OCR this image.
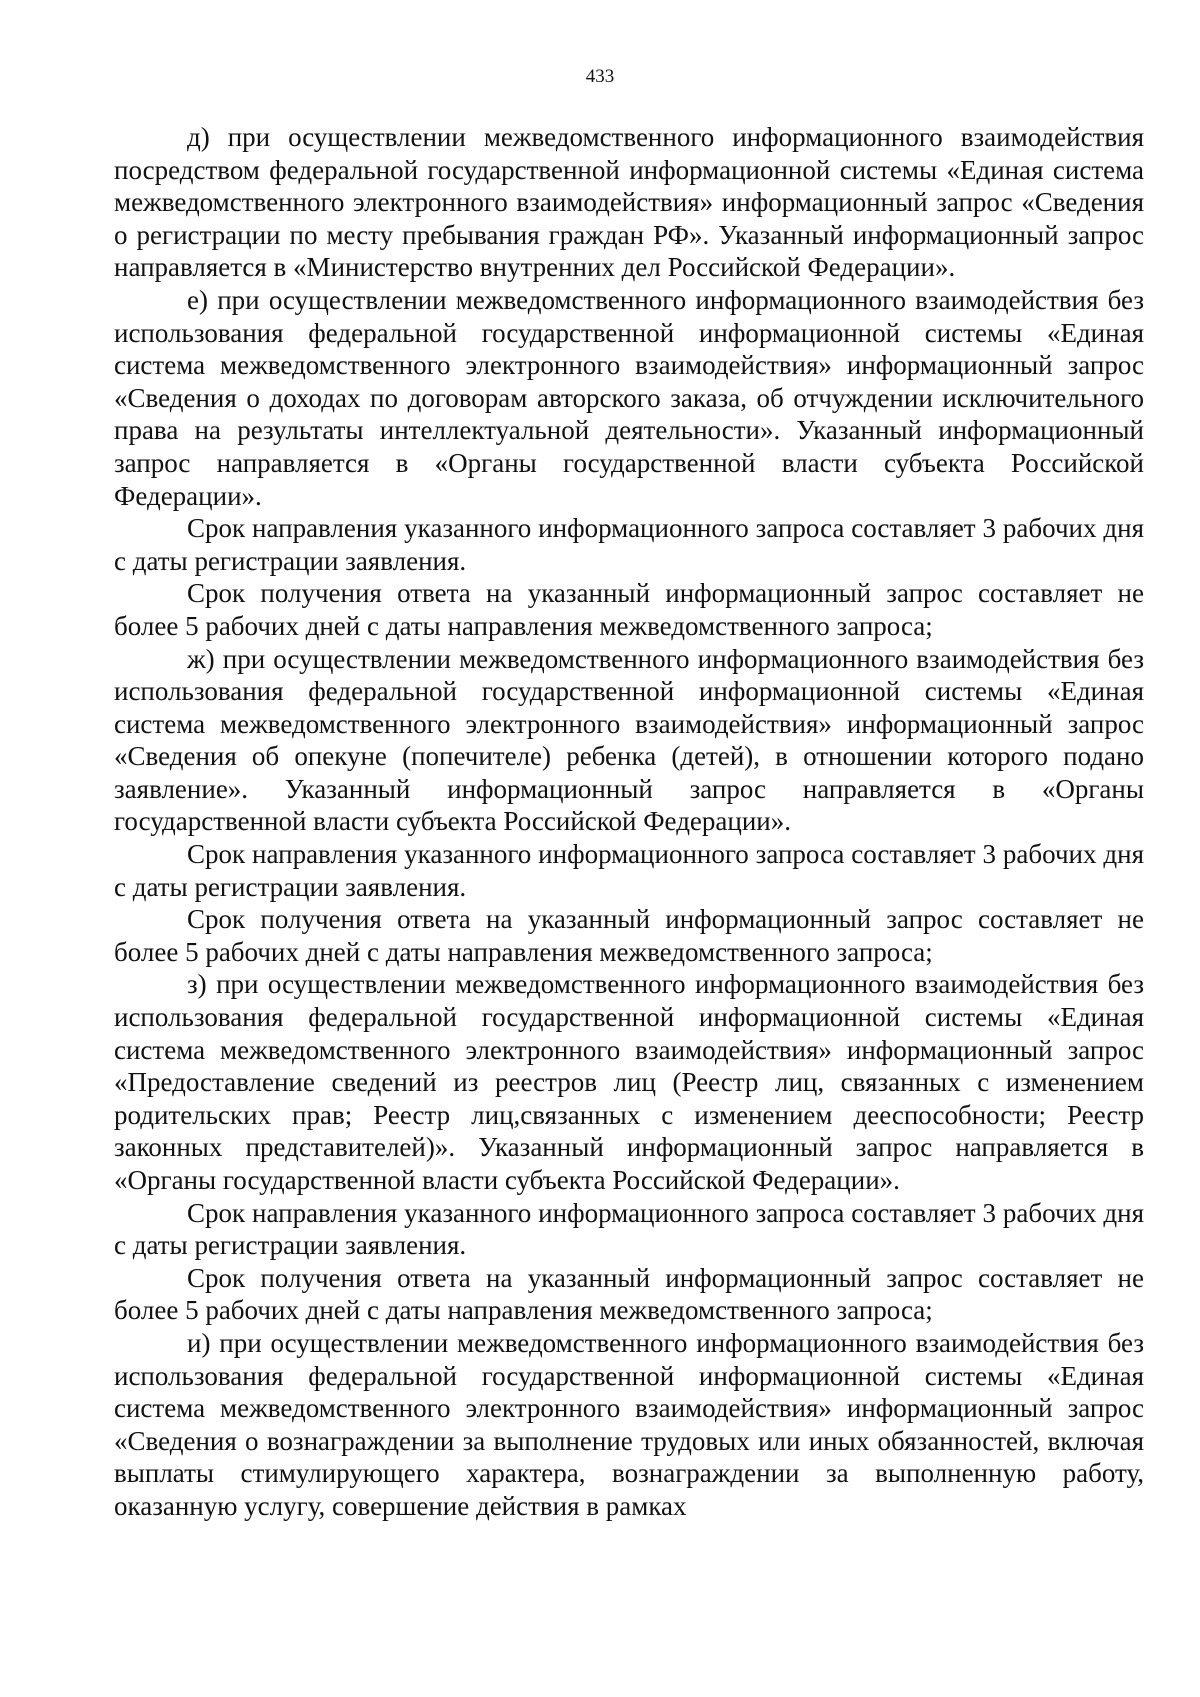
433

д) при осуществлении межведомственного информационного взаимодействия посредством федеральной государственной информационной системы «Единая система межведомственного электронного взаимодействия» информационный запрос «Сведения о регистрации по месту пребывания граждан РФ». Указанный информационный запрос направляется в «Министерство внутренних дел Российской Федерации».

е) при осуществлении межведомственного информационного взаимодействия без использования федеральной государственной информационной системы «Единая система межведомственного электронного взаимодействия» информационный запрос «Сведения о доходах по договорам авторского заказа, об отчуждении исключительного права на результаты интеллектуальной деятельности». Указанный информационный запрос направляется в «Органы государственной власти субъекта Российской Федерации».

Срок направления указанного информационного запроса составляет 3 рабочих дня с даты регистрации заявления.

Срок получения ответа на указанный информационный запрос составляет не более 5 рабочих дней с даты направления межведомственного запроса;

ж) при осуществлении межведомственного информационного взаимодействия без использования федеральной государственной информационной системы «Единая система межведомственного электронного взаимодействия» информационный запрос «Сведения об опекуне (попечителе) ребенка (детей), в отношении которого подано заявление». Указанный информационный запрос направляется в «Органы государственной власти субъекта Российской Федерации».

Срок направления указанного информационного запроса составляет 3 рабочих дня с даты регистрации заявления.

Срок получения ответа на указанный информационный запрос составляет не более 5 рабочих дней с даты направления межведомственного запроса;

з) при осуществлении межведомственного информационного взаимодействия без использования федеральной государственной информационной системы «Единая система межведомственного электронного взаимодействия» информационный запрос «Предоставление сведений из реестров лиц (Реестр лиц, связанных с изменением родительских прав; Реестр лиц,связанных с изменением дееспособности; Реестр законных представителей)». Указанный информационный запрос направляется в «Органы государственной власти субъекта Российской Федерации».

Срок направления указанного информационного запроса составляет 3 рабочих дня с даты регистрации заявления.

Срок получения ответа на указанный информационный запрос составляет не более 5 рабочих дней с даты направления межведомственного запроса;

и) при осуществлении межведомственного информационного взаимодействия без использования федеральной государственной информационной системы «Единая система межведомственного электронного взаимодействия» информационный запрос «Сведения о вознаграждении за выполнение трудовых или иных обязанностей, включая выплаты стимулирующего характера, вознаграждении за выполненную работу, оказанную услугу, совершение действия в рамках
